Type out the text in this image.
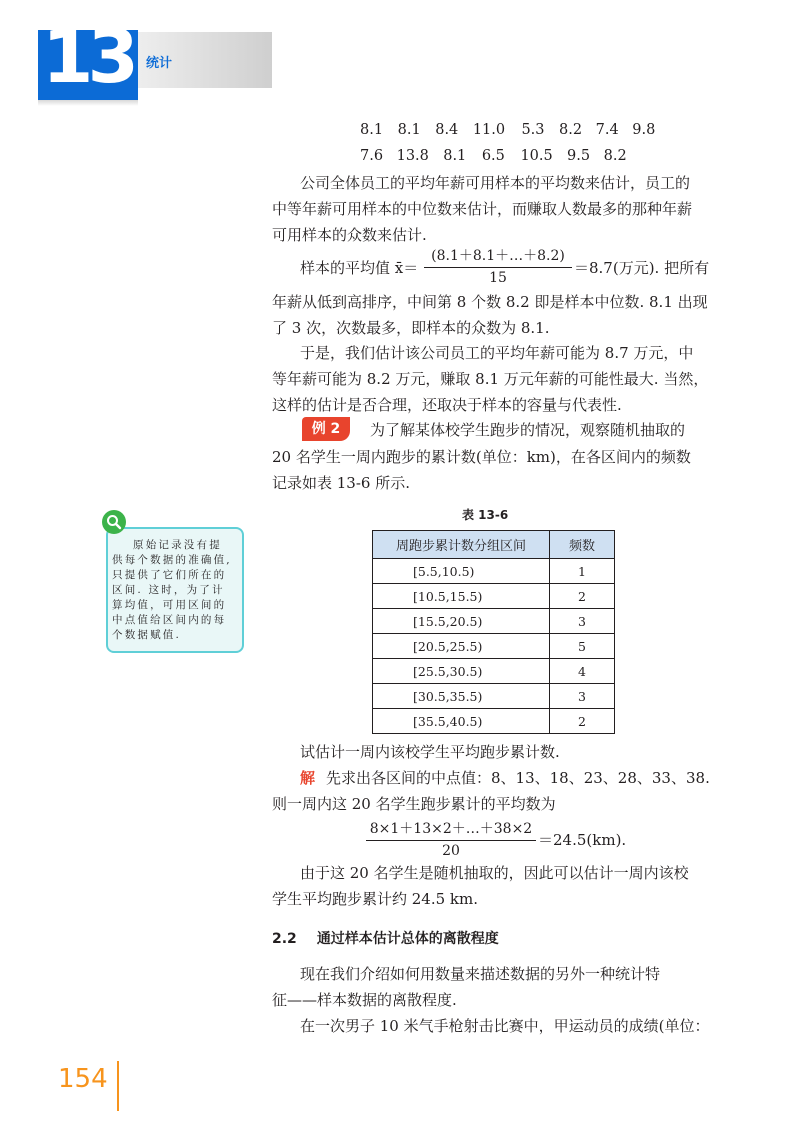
13 统计
8.1 8.1 8.4 11.0 5.3 8.2 7.4 9.8
7.6 13.8 8.1 6.5 10.5 9.5 8.2
公司全体员工的平均年薪可用样本的平均数来估计，员工的
中等年薪可用样本的中位数来估计，而赚取人数最多的那种年薪
可用样本的众数来估计.
样本的平均值 x̄＝
(8.1＋8.1＋…＋8.2)
15
＝8.7(万元). 把所有
年薪从低到高排序，中间第 8 个数 8.2 即是样本中位数. 8.1 出现
了 3 次，次数最多，即样本的众数为 8.1.
于是，我们估计该公司员工的平均年薪可能为 8.7 万元，中
等年薪可能为 8.2 万元，赚取 8.1 万元年薪的可能性最大. 当然，
这样的估计是否合理，还取决于样本的容量与代表性.
例 2	为了解某体校学生跑步的情况，观察随机抽取的
20 名学生一周内跑步的累计数(单位：km)，在各区间内的频数
记录如表 13-6 所示.

原始记录没有提

供每个数据的准确值,

只提供了它们所在的

区间. 这时，为了计

算均值，可用区间的

中点值给区间内的每

个数据赋值.

表 13-6
周跑步累计数分组区间	频数
[5.5,10.5)	1
[10.5,15.5)	2
[15.5,20.5)	3
[20.5,25.5)	5
[25.5,30.5)	4
[30.5,35.5)	3
[35.5,40.5)	2
试估计一周内该校学生平均跑步累计数.
解 先求出各区间的中点值：8、13、18、23、28、33、38.
则一周内这 20 名学生跑步累计的平均数为
8×1＋13×2＋…＋38×2
20
＝24.5(km).
由于这 20 名学生是随机抽取的，因此可以估计一周内该校
学生平均跑步累计约 24.5 km.
2.2 通过样本估计总体的离散程度
现在我们介绍如何用数量来描述数据的另外一种统计特
征——样本数据的离散程度.
在一次男子 10 米气手枪射击比赛中，甲运动员的成绩(单位：
154
